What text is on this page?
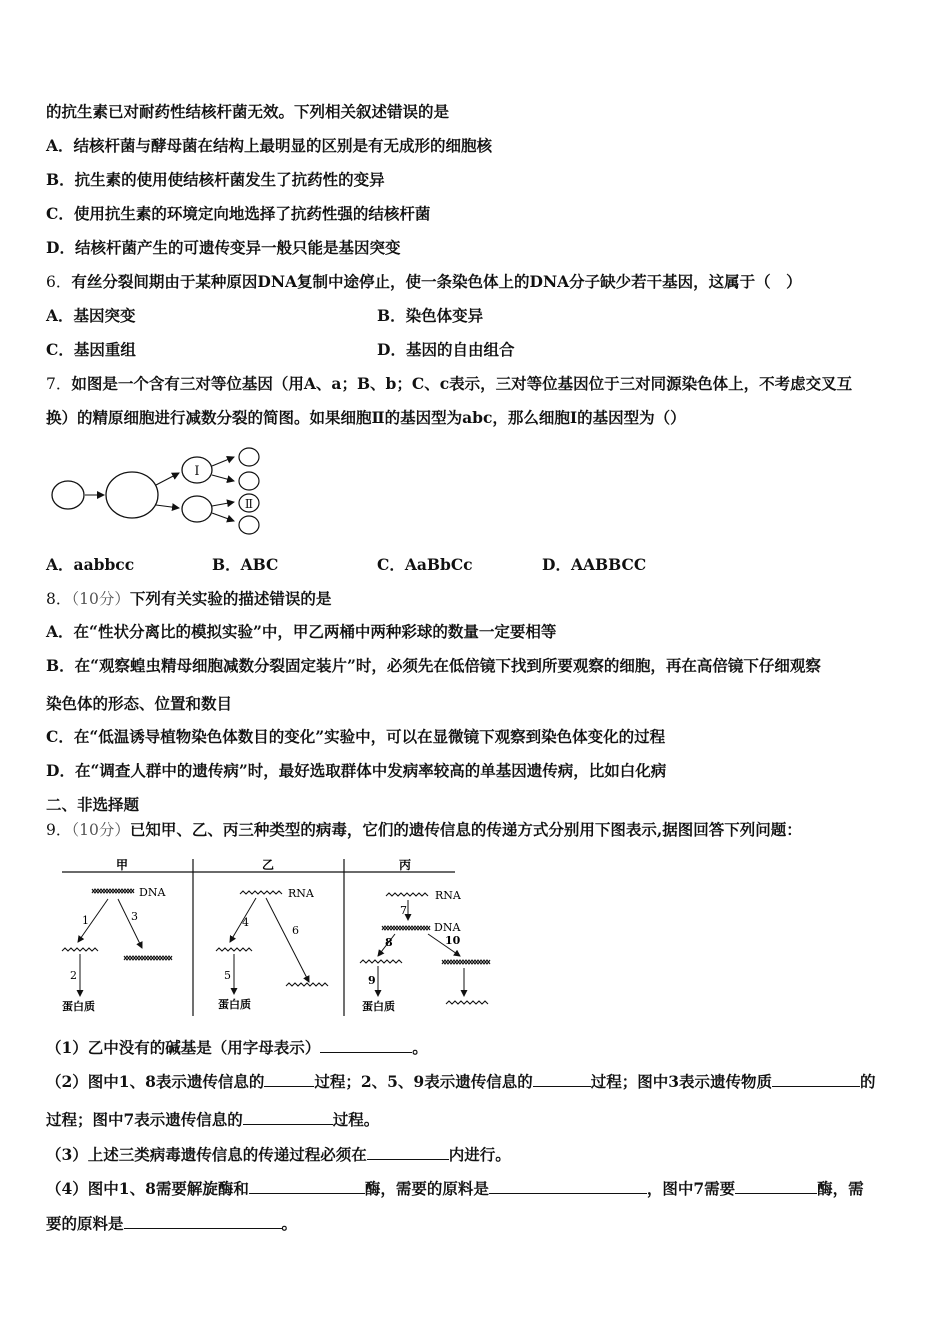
的抗生素已对耐药性结核杆菌无效。下列相关叙述错误的是
A．结核杆菌与酵母菌在结构上最明显的区别是有无成形的细胞核
B．抗生素的使用使结核杆菌发生了抗药性的变异
C．使用抗生素的环境定向地选择了抗药性强的结核杆菌
D．结核杆菌产生的可遗传变异一般只能是基因突变
6．有丝分裂间期由于某种原因DNA复制中途停止，使一条染色体上的DNA分子缺少若干基因，这属于（　）
A．基因突变	B．染色体变异
C．基因重组	D．基因的自由组合
7．如图是一个含有三对等位基因（用A、a；B、b；C、c表示，三对等位基因位于三对同源染色体上，不考虑交叉互
换）的精原细胞进行减数分裂的简图。如果细胞Ⅱ的基因型为abc，那么细胞Ⅰ的基因型为（）
Ⅰ
Ⅱ
A．aabbcc	B．ABC	C．AaBbCc	D．AABBCC
8．（10分）下列有关实验的描述错误的是
A．在“性状分离比的模拟实验”中，甲乙两桶中两种彩球的数量一定要相等
B．在“观察蝗虫精母细胞减数分裂固定装片”时，必须先在低倍镜下找到所要观察的细胞，再在高倍镜下仔细观察
染色体的形态、位置和数目
C．在“低温诱导植物染色体数目的变化”实验中，可以在显微镜下观察到染色体变化的过程
D．在“调查人群中的遗传病”时，最好选取群体中发病率较高的单基因遗传病，比如白化病
二、非选择题
9．（10分）已知甲、乙、丙三种类型的病毒，它们的遗传信息的传递方式分别用下图表示,据图回答下列问题：
甲	乙	丙
DNA
1	3
2
蛋白质
RNA
4
6
5
蛋白质
RNA
7
DNA
8	10
9
蛋白质
（1）乙中没有的碱基是（用字母表示）	。
（2）图中1、8表示遗传信息的	过程；2、5、9表示遗传信息的	过程；图中3表示遗传物质	的
过程；图中7表示遗传信息的	过程。
（3）上述三类病毒遗传信息的传递过程必须在	内进行。
（4）图中1、8需要解旋酶和	酶，需要的原料是	，图中7需要	酶，需
要的原料是	。
